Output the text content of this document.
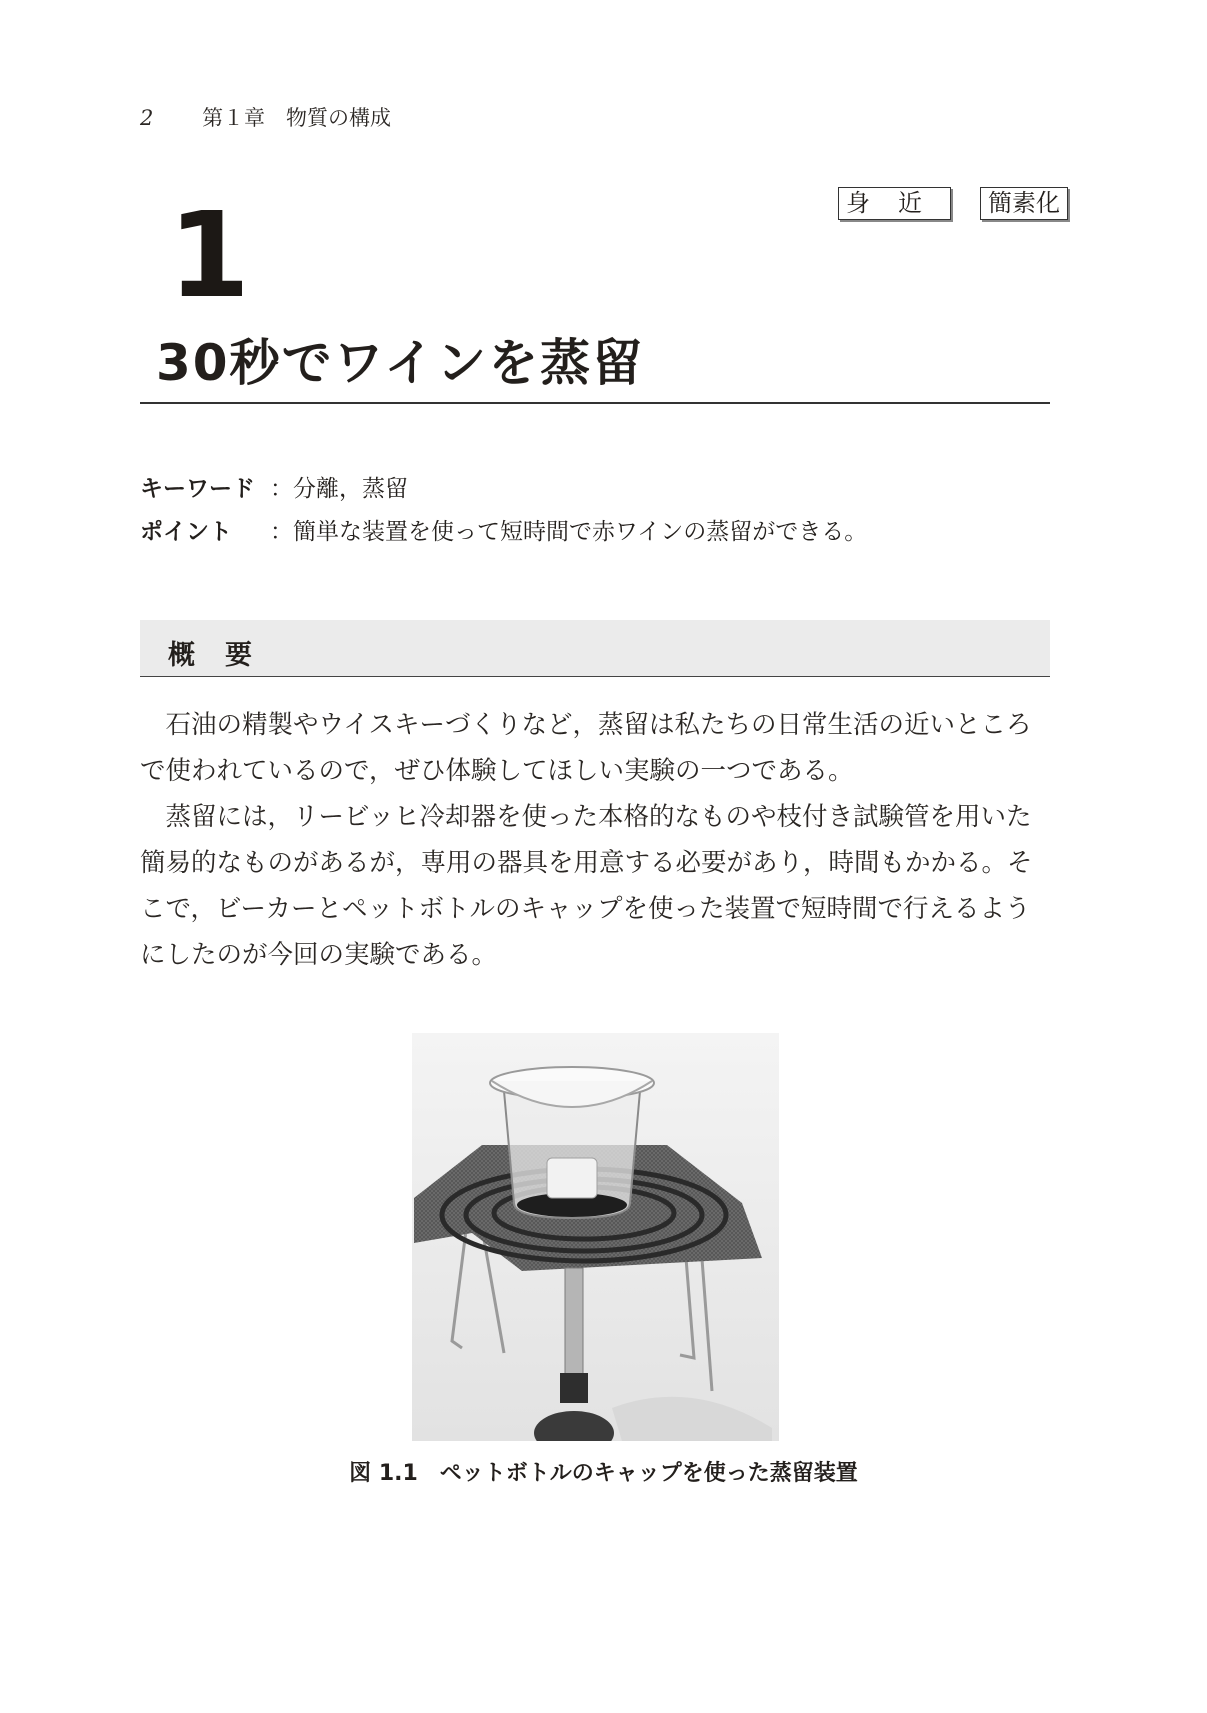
2 第１章　物質の構成
身近	簡素化
1
30秒でワインを蒸留
キーワード ：分離，蒸留
ポイント ：簡単な装置を使って短時間で赤ワインの蒸留ができる。
概要

石油の精製やウイスキーづくりなど，蒸留は私たちの日常生活の近いところで使われているので，ぜひ体験してほしい実験の一つである。

蒸留には，リービッヒ冷却器を使った本格的なものや枝付き試験管を用いた簡易的なものがあるが，専用の器具を用意する必要があり，時間もかかる。そこで，ビーカーとペットボトルのキャップを使った装置で短時間で行えるようにしたのが今回の実験である。

図 1.1　ペットボトルのキャップを使った蒸留装置
